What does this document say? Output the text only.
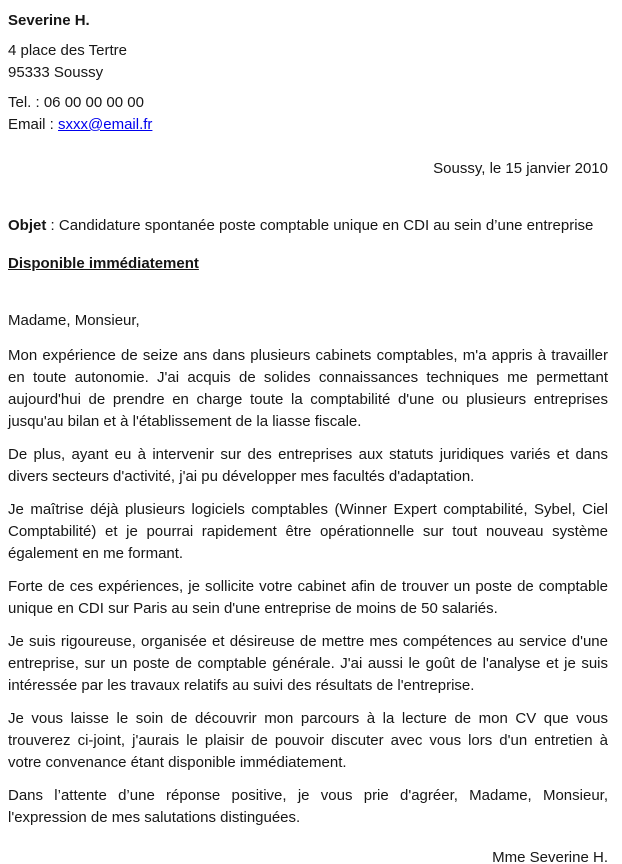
Severine H.
4 place des Tertre
95333 Soussy
Tel. : 06 00 00 00 00
Email : sxxx@email.fr
Soussy, le 15 janvier 2010
Objet : Candidature spontanée poste comptable unique en CDI au sein d’une entreprise
Disponible immédiatement
Madame, Monsieur,

Mon expérience de seize ans dans plusieurs cabinets comptables, m'a appris à travailler en toute autonomie. J'ai acquis de solides connaissances techniques me permettant aujourd'hui de prendre en charge toute la comptabilité d'une ou plusieurs entreprises jusqu'au bilan et à l'établissement de la liasse fiscale.

De plus, ayant eu à intervenir sur des entreprises aux statuts juridiques variés et dans divers secteurs d'activité, j'ai pu développer mes facultés d'adaptation.

Je maîtrise déjà plusieurs logiciels comptables (Winner Expert comptabilité, Sybel, Ciel Comptabilité) et je pourrai rapidement être opérationnelle sur tout nouveau système également en me formant.

Forte de ces expériences, je sollicite votre cabinet afin de trouver un poste de comptable unique en CDI sur Paris au sein d'une entreprise de moins de 50 salariés.

Je suis rigoureuse, organisée et désireuse de mettre mes compétences au service d'une entreprise, sur un poste de comptable générale. J'ai aussi le goût de l'analyse et je suis intéressée par les travaux relatifs au suivi des résultats de l'entreprise.

Je vous laisse le soin de découvrir mon parcours à la lecture de mon CV que vous trouverez ci-joint, j'aurais le plaisir de pouvoir discuter avec vous lors d'un entretien à votre convenance étant disponible immédiatement.

Dans l’attente d’une réponse positive, je vous prie d'agréer, Madame, Monsieur, l'expression de mes salutations distinguées.

Mme Severine H.
